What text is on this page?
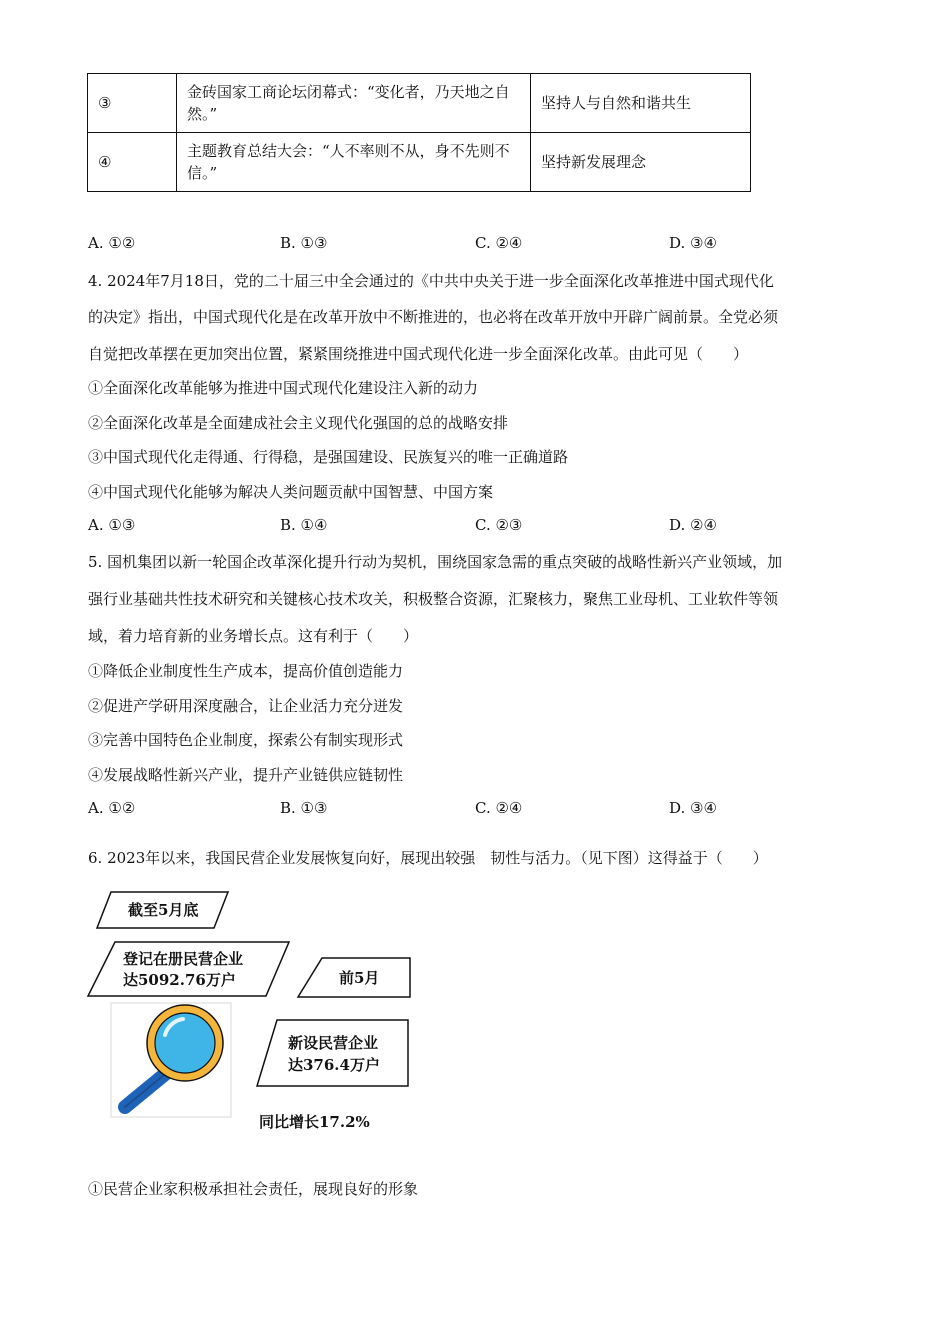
③	金砖国家工商论坛闭幕式：“变化者，乃天地之自然。”	坚持人与自然和谐共生
④	主题教育总结大会：“人不率则不从，身不先则不信。”	坚持新发展理念
A. ①②	B. ①③	C. ②④	D. ③④
4. 2024年7月18日，党的二十届三中全会通过的《中共中央关于进一步全面深化改革推进中国式现代化
的决定》指出，中国式现代化是在改革开放中不断推进的，也必将在改革开放中开辟广阔前景。全党必须
自觉把改革摆在更加突出位置，紧紧围绕推进中国式现代化进一步全面深化改革。由此可见（　　）
①全面深化改革能够为推进中国式现代化建设注入新的动力
②全面深化改革是全面建成社会主义现代化强国的总的战略安排
③中国式现代化走得通、行得稳，是强国建设、民族复兴的唯一正确道路
④中国式现代化能够为解决人类问题贡献中国智慧、中国方案
A. ①③	B. ①④	C. ②③	D. ②④
5. 国机集团以新一轮国企改革深化提升行动为契机，围绕国家急需的重点突破的战略性新兴产业领域，加
强行业基础共性技术研究和关键核心技术攻关，积极整合资源，汇聚核力，聚焦工业母机、工业软件等领
域，着力培育新的业务增长点。这有利于（　　）
①降低企业制度性生产成本，提高价值创造能力
②促进产学研用深度融合，让企业活力充分迸发
③完善中国特色企业制度，探索公有制实现形式
④发展战略性新兴产业，提升产业链供应链韧性
A. ①②	B. ①③	C. ②④	D. ③④
6. 2023年以来，我国民营企业发展恢复向好，展现出较强　韧性与活力。（见下图）这得益于（　　）
截至5月底
登记在册民营企业
达5092.76万户	前5月
新设民营企业
达376.4万户
同比增长17.2%
①民营企业家积极承担社会责任，展现良好的形象
